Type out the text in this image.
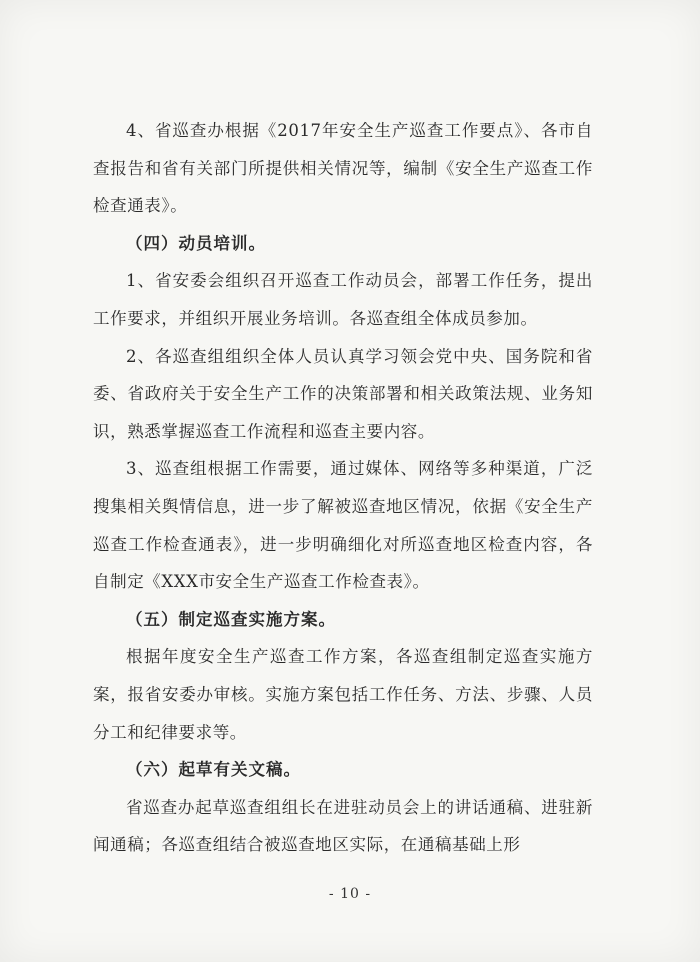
4、省巡查办根据《2017年安全生产巡查工作要点》、各市自查报告和省有关部门所提供相关情况等，编制《安全生产巡查工作检查通表》。

（四）动员培训。

1、省安委会组织召开巡查工作动员会，部署工作任务，提出工作要求，并组织开展业务培训。各巡查组全体成员参加。

2、各巡查组组织全体人员认真学习领会党中央、国务院和省委、省政府关于安全生产工作的决策部署和相关政策法规、业务知识，熟悉掌握巡查工作流程和巡查主要内容。

3、巡查组根据工作需要，通过媒体、网络等多种渠道，广泛搜集相关舆情信息，进一步了解被巡查地区情况，依据《安全生产巡查工作检查通表》，进一步明确细化对所巡查地区检查内容，各自制定《XXX市安全生产巡查工作检查表》。

（五）制定巡查实施方案。

根据年度安全生产巡查工作方案，各巡查组制定巡查实施方案，报省安委办审核。实施方案包括工作任务、方法、步骤、人员分工和纪律要求等。

（六）起草有关文稿。

省巡查办起草巡查组组长在进驻动员会上的讲话通稿、进驻新闻通稿；各巡查组结合被巡查地区实际，在通稿基础上形

- 10 -
